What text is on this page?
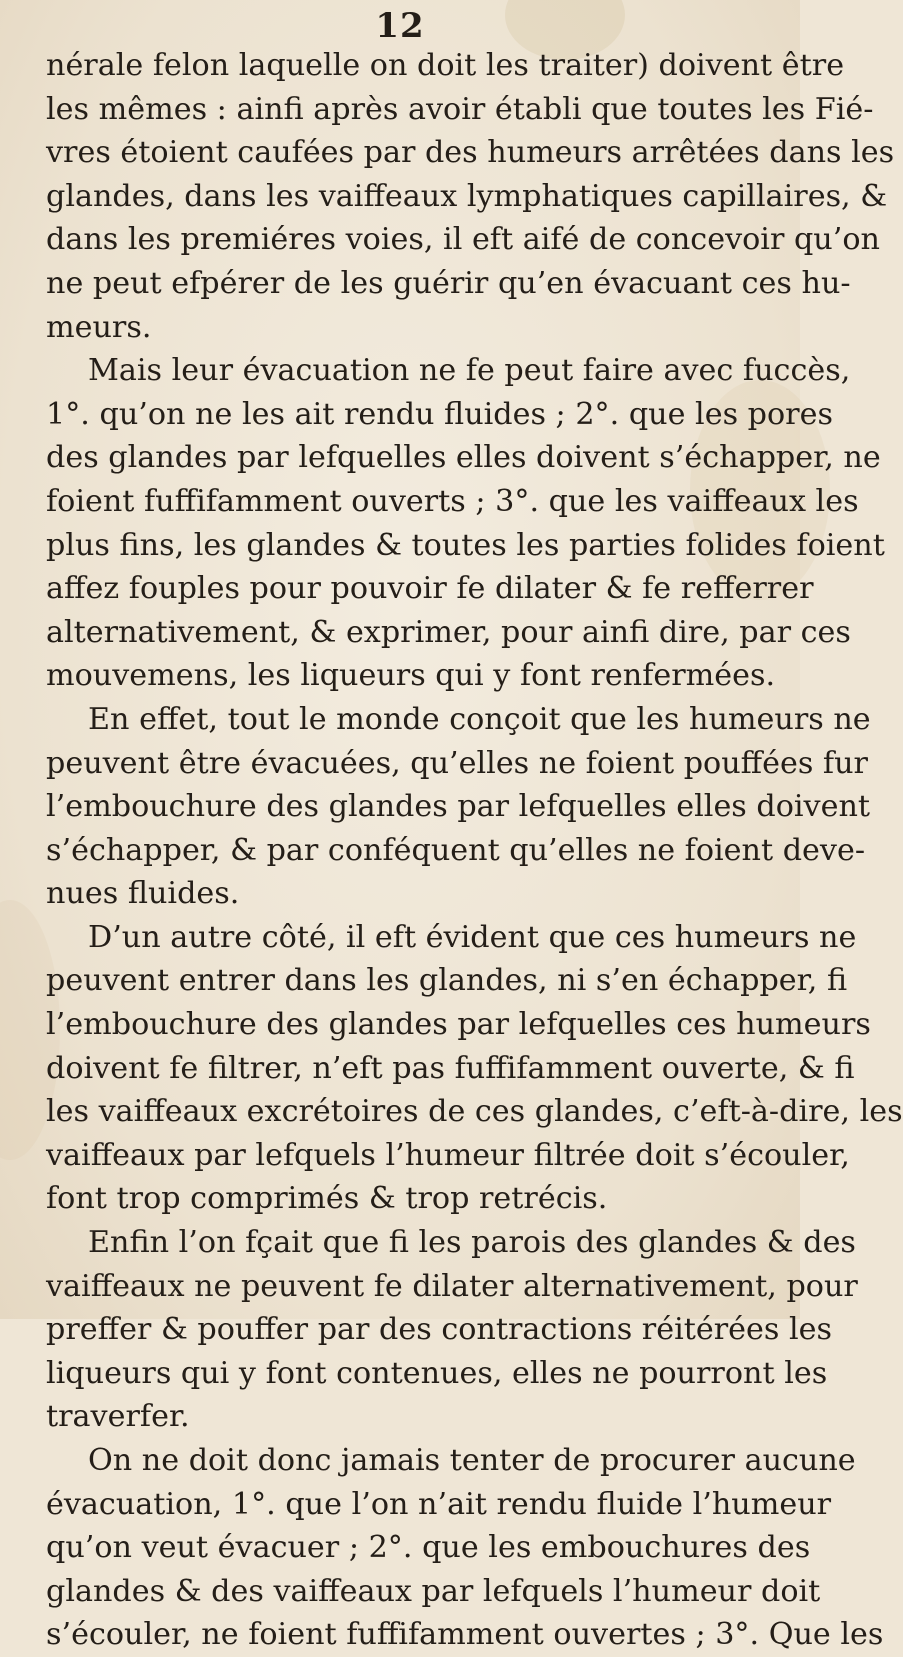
12
nérale felon laquelle on doit les traiter) doivent être
les mêmes : ainfi après avoir établi que toutes les Fié-
vres étoient caufées par des humeurs arrêtées dans les
glandes, dans les vaiffeaux lymphatiques capillaires, &
dans les premiéres voies, il eft aifé de concevoir qu’on
ne peut efpérer de les guérir qu’en évacuant ces hu-
meurs.
Mais leur évacuation ne fe peut faire avec fuccès,
1°. qu’on ne les ait rendu fluides ; 2°. que les pores
des glandes par lefquelles elles doivent s’échapper, ne
foient fuffifamment ouverts ; 3°. que les vaiffeaux les
plus fins, les glandes & toutes les parties folides foient
affez fouples pour pouvoir fe dilater & fe refferrer
alternativement, & exprimer, pour ainfi dire, par ces
mouvemens, les liqueurs qui y font renfermées.
En effet, tout le monde conçoit que les humeurs ne
peuvent être évacuées, qu’elles ne foient pouffées fur
l’embouchure des glandes par lefquelles elles doivent
s’échapper, & par conféquent qu’elles ne foient deve-
nues fluides.
D’un autre côté, il eft évident que ces humeurs ne
peuvent entrer dans les glandes, ni s’en échapper, fi
l’embouchure des glandes par lefquelles ces humeurs
doivent fe filtrer, n’eft pas fuffifamment ouverte, & fi
les vaiffeaux excrétoires de ces glandes, c’eft-à-dire, les
vaiffeaux par lefquels l’humeur filtrée doit s’écouler,
font trop comprimés & trop retrécis.
Enfin l’on fçait que fi les parois des glandes & des
vaiffeaux ne peuvent fe dilater alternativement, pour
preffer & pouffer par des contractions réitérées les
liqueurs qui y font contenues, elles ne pourront les
traverfer.
On ne doit donc jamais tenter de procurer aucune
évacuation, 1°. que l’on n’ait rendu fluide l’humeur
qu’on veut évacuer ; 2°. que les embouchures des
glandes & des vaiffeaux par lefquels l’humeur doit
s’écouler, ne foient fuffifamment ouvertes ; 3°. Que les
